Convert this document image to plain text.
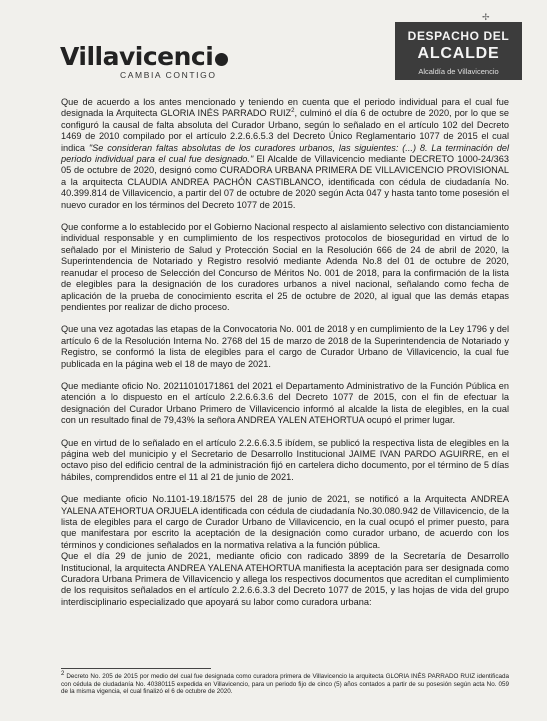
Villavicenci
CAMBIA CONTIGO
✢
DESPACHO DEL
ALCALDE
Alcaldía de Villavicencio

Que de acuerdo a los antes mencionado y teniendo en cuenta que el periodo individual para el cual fue designada la Arquitecta GLORIA INÉS PARRADO RUIZ$^2$, culminó el día 6 de octubre de 2020, por lo que se configuró la causal de falta absoluta del Curador Urbano, según lo señalado en el artículo 102 del Decreto 1469 de 2010 compilado por el artículo 2.2.6.6.5.3 del Decreto Único Reglamentario 1077 de 2015 el cual indica "Se consideran faltas absolutas de los curadores urbanos, las siguientes: (...) 8. La terminación del periodo individual para el cual fue designado." El Alcalde de Villavicencio mediante DECRETO 1000-24/363 05 de octubre de 2020, designó como CURADORA URBANA PRIMERA DE VILLAVICENCIO PROVISIONAL a la arquitecta CLAUDIA ANDREA PACHÓN CASTIBLANCO, identificada con cédula de ciudadanía No. 40.399.814 de Villavicencio, a partir del 07 de octubre de 2020 según Acta 047 y hasta tanto tome posesión el nuevo curador en los términos del Decreto 1077 de 2015.

Que conforme a lo establecido por el Gobierno Nacional respecto al aislamiento selectivo con distanciamiento individual responsable y en cumplimiento de los respectivos protocolos de bioseguridad en virtud de lo señalado por el Ministerio de Salud y Protección Social en la Resolución 666 de 24 de abril de 2020, la Superintendencia de Notariado y Registro resolvió mediante Adenda No.8 del 01 de octubre de 2020, reanudar el proceso de Selección del Concurso de Méritos No. 001 de 2018, para la confirmación de la lista de elegibles para la designación de los curadores urbanos a nivel nacional, señalando como fecha de aplicación de la prueba de conocimiento escrita el 25 de octubre de 2020, al igual que las demás etapas pendientes por realizar de dicho proceso.

Que una vez agotadas las etapas de la Convocatoria No. 001 de 2018 y en cumplimiento de la Ley 1796 y del artículo 6 de la Resolución Interna No. 2768 del 15 de marzo de 2018 de la Superintendencia de Notariado y Registro, se conformó la lista de elegibles para el cargo de Curador Urbano de Villavicencio, la cual fue publicada en la página web el 18 de mayo de 2021.

Que mediante oficio No. 20211010171861 del 2021 el Departamento Administrativo de la Función Pública en atención a lo dispuesto en el artículo 2.2.6.6.3.6 del Decreto 1077 de 2015, con el fin de efectuar la designación del Curador Urbano Primero de Villavicencio informó al alcalde la lista de elegibles, en la cual con un resultado final de 79,43% la señora ANDREA YALEN ATEHORTUA ocupó el primer lugar.

Que en virtud de lo señalado en el artículo 2.2.6.6.3.5 ibídem, se publicó la respectiva lista de elegibles en la página web del municipio y el Secretario de Desarrollo Institucional JAIME IVAN PARDO AGUIRRE, en el octavo piso del edificio central de la administración fijó en cartelera dicho documento, por el término de 5 días hábiles, comprendidos entre el 11 al 21 de junio de 2021.

Que mediante oficio No.1101-19.18/1575 del 28 de junio de 2021, se notificó a la Arquitecta ANDREA YALENA ATEHORTUA ORJUELA identificada con cédula de ciudadanía No.30.080.942 de Villavicencio, de la lista de elegibles para el cargo de Curador Urbano de Villavicencio, en la cual ocupó el primer puesto, para que manifestara por escrito la aceptación de la designación como curador urbano, de acuerdo con los términos y condiciones señalados en la normativa relativa a la función pública.

Que el día 29 de junio de 2021, mediante oficio con radicado 3899 de la Secretaría de Desarrollo Institucional, la arquitecta ANDREA YALENA ATEHORTUA manifiesta la aceptación para ser designada como Curadora Urbana Primera de Villavicencio y allega los respectivos documentos que acreditan el cumplimiento de los requisitos señalados en el artículo 2.2.6.6.3.3 del Decreto 1077 de 2015, y las hojas de vida del grupo interdisciplinario especializado que apoyará su labor como curadora urbana:

$^2$ Decreto No. 205 de 2015 por medio del cual fue designada como curadora primera de Villavicencio la arquitecta GLORIA INÉS PARRADO RUIZ identificada con cédula de ciudadanía No. 40380115 expedida en Villavicencio, para un periodo fijo de cinco (5) años contados a partir de su posesión según acta No. 059 de la misma vigencia, el cual finalizó el 6 de octubre de 2020.
